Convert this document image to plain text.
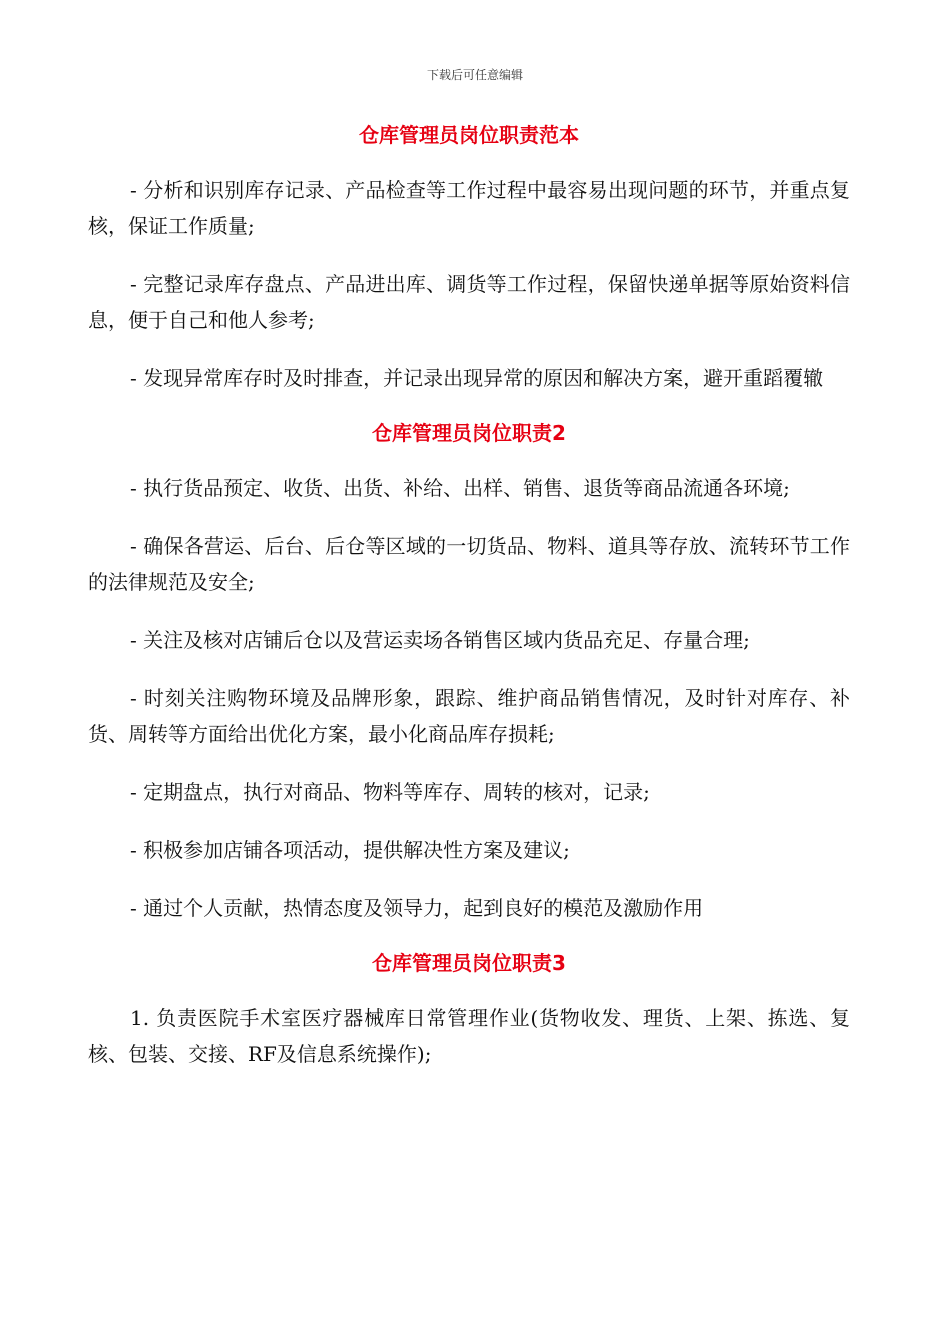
下载后可任意编辑
仓库管理员岗位职责范本

- 分析和识别库存记录、产品检查等工作过程中最容易出现问题的环节，并重点复核，保证工作质量;

- 完整记录库存盘点、产品进出库、调货等工作过程，保留快递单据等原始资料信息，便于自己和他人参考;

- 发现异常库存时及时排查，并记录出现异常的原因和解决方案，避开重蹈覆辙

仓库管理员岗位职责2

- 执行货品预定、收货、出货、补给、出样、销售、退货等商品流通各环境;

- 确保各营运、后台、后仓等区域的一切货品、物料、道具等存放、流转环节工作的法律规范及安全;

- 关注及核对店铺后仓以及营运卖场各销售区域内货品充足、存量合理;

- 时刻关注购物环境及品牌形象，跟踪、维护商品销售情况，及时针对库存、补货、周转等方面给出优化方案，最小化商品库存损耗;

- 定期盘点，执行对商品、物料等库存、周转的核对，记录;

- 积极参加店铺各项活动，提供解决性方案及建议;

- 通过个人贡献，热情态度及领导力，起到良好的模范及激励作用

仓库管理员岗位职责3

1. 负责医院手术室医疗器械库日常管理作业(货物收发、理货、上架、拣选、复核、包装、交接、RF及信息系统操作);
